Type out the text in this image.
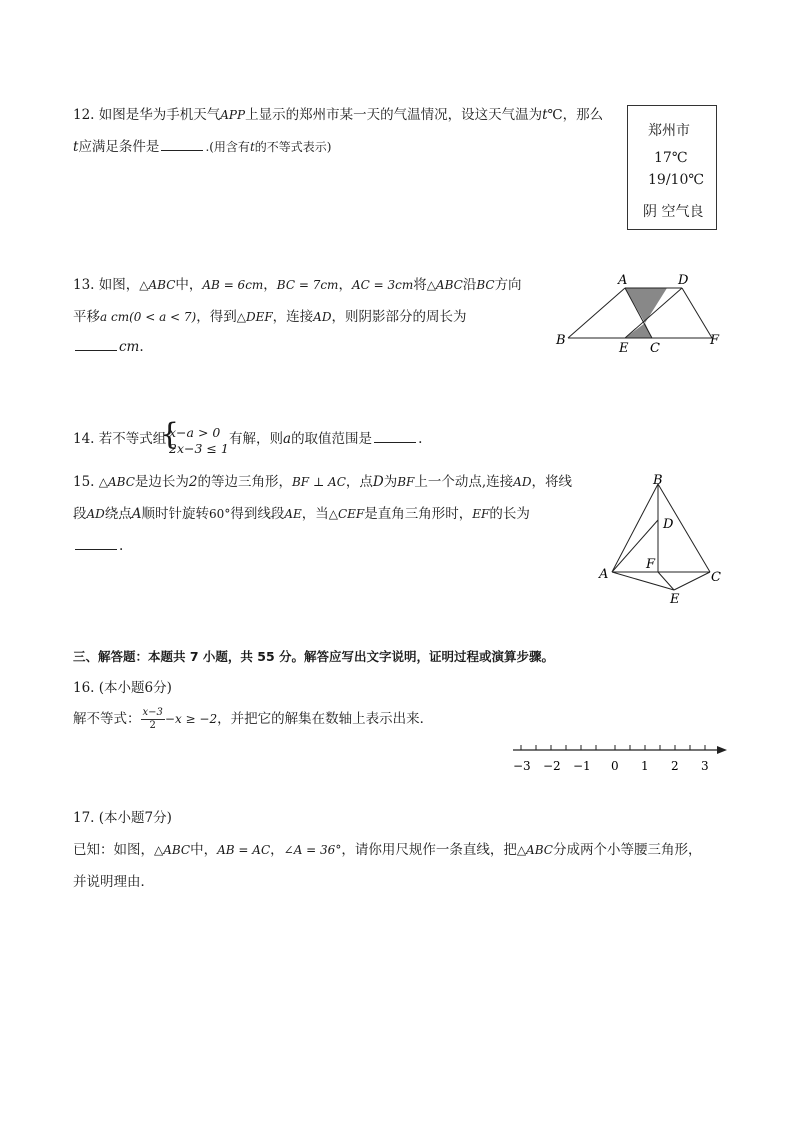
12. 如图是华为手机天气APP上显示的郑州市某一天的气温情况，设这天气温为t℃，那么
t应满足条件是	.(用含有t的不等式表示)
郑州市
17℃
19/10℃
阴 空气良
13. 如图，△ABC中，AB = 6cm，BC = 7cm，AC = 3cm将△ABC沿BC方向
平移a cm(0 < a < 7)，得到△DEF，连接AD，则阴影部分的周长为
cm.
A	D
B
E C
F
14. 若不等式组
{
x−a > 0
2x−3 ≤ 1
有解，则a的取值范围是	.
15. △ABC是边长为2的等边三角形，BF ⊥ AC，点D为BF上一个动点,连接AD，将线
段AD绕点A顺时针旋转60°得到线段AE，当△CEF是直角三角形时，EF的长为
.
B
D
F
A	C
E
三、解答题：本题共 7 小题，共 55 分。解答应写出文字说明，证明过程或演算步骤。
16. (本小题6分)
解不等式： $\frac{x-3}{2} -x \ge -2$，并把它的解集在数轴上表示出来．
−3 −2 −1 0 1 2 3
17. (本小题7分)
已知：如图，△ABC中，AB = AC，∠A = 36°，请你用尺规作一条直线，把△ABC分成两个小等腰三角形，
并说明理由．
